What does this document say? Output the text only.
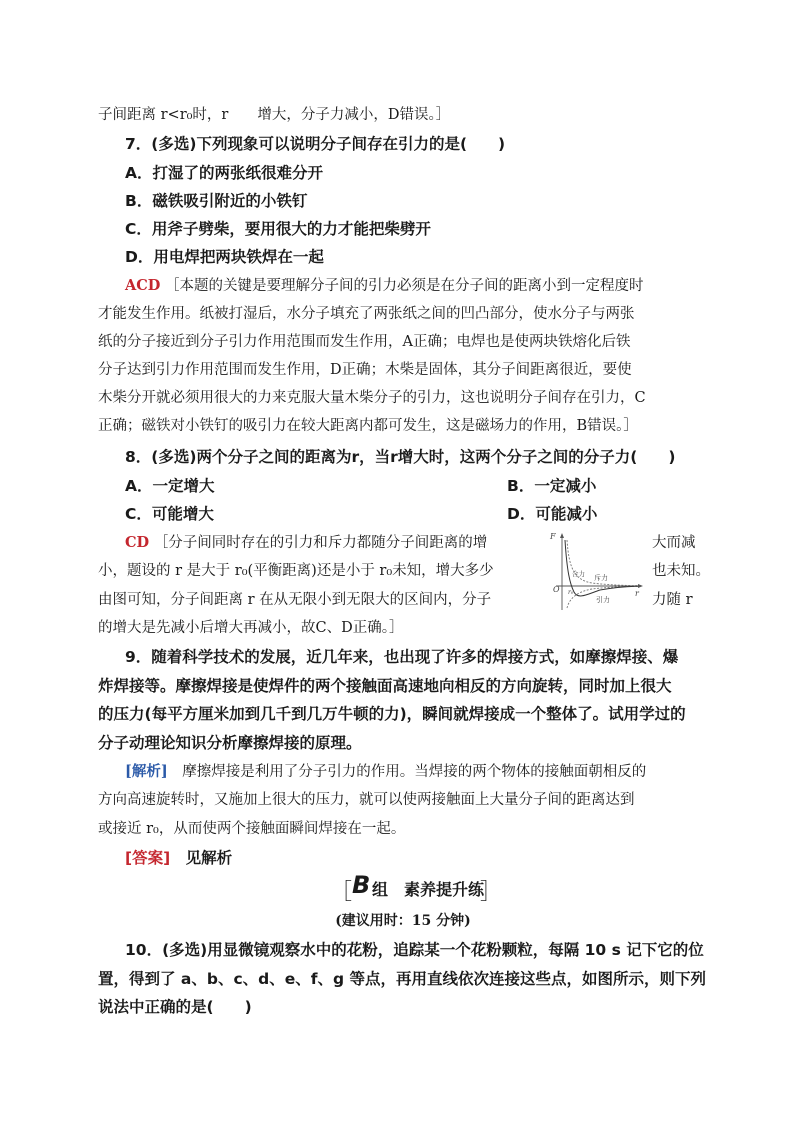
子间距离 r<r₀时，r　　增大，分子力减小，D错误。］
7．(多选)下列现象可以说明分子间存在引力的是(　　)
A．打湿了的两张纸很难分开
B．磁铁吸引附近的小铁钉
C．用斧子劈柴，要用很大的力才能把柴劈开
D．用电焊把两块铁焊在一起
ACD ［本题的关键是要理解分子间的引力必须是在分子间的距离小到一定程度时
才能发生作用。纸被打湿后，水分子填充了两张纸之间的凹凸部分，使水分子与两张
纸的分子接近到分子引力作用范围而发生作用，A正确；电焊也是使两块铁熔化后铁
分子达到引力作用范围而发生作用，D正确；木柴是固体，其分子间距离很近，要使
木柴分开就必须用很大的力来克服大量木柴分子的引力，这也说明分子间存在引力，C
正确；磁铁对小铁钉的吸引力在较大距离内都可发生，这是磁场力的作用，B错误。］
8．(多选)两个分子之间的距离为r，当r增大时，这两个分子之间的分子力(　　)
A．一定增大	B．一定减小
C．可能增大	D．可能减小
CD ［分子间同时存在的引力和斥力都随分子间距离的增	大而减
小，题设的 r 是大于 r₀(平衡距离)还是小于 r₀未知，增大多少	也未知。
由图可知，分子间距离 r 在从无限小到无限大的区间内，分子	力随 r
的增大是先减小后增大再减小，故C、D正确。］
F
O r₀	r
斥力
引力
合力
9．随着科学技术的发展，近几年来，也出现了许多的焊接方式，如摩擦焊接、爆
炸焊接等。摩擦焊接是使焊件的两个接触面高速地向相反的方向旋转，同时加上很大
的压力(每平方厘米加到几千到几万牛顿的力)，瞬间就焊接成一个整体了。试用学过的
分子动理论知识分析摩擦焊接的原理。
[解析]　摩擦焊接是利用了分子引力的作用。当焊接的两个物体的接触面朝相反的
方向高速旋转时，又施加上很大的压力，就可以使两接触面上大量分子间的距离达到
或接近 r₀，从而使两个接触面瞬间焊接在一起。
[答案]　见解析
［ B 组　素养提升练
］
(建议用时：15 分钟)
10．(多选)用显微镜观察水中的花粉，追踪某一个花粉颗粒，每隔 10 s 记下它的位
置，得到了 a、b、c、d、e、f、g 等点，再用直线依次连接这些点，如图所示，则下列
说法中正确的是(　　)
